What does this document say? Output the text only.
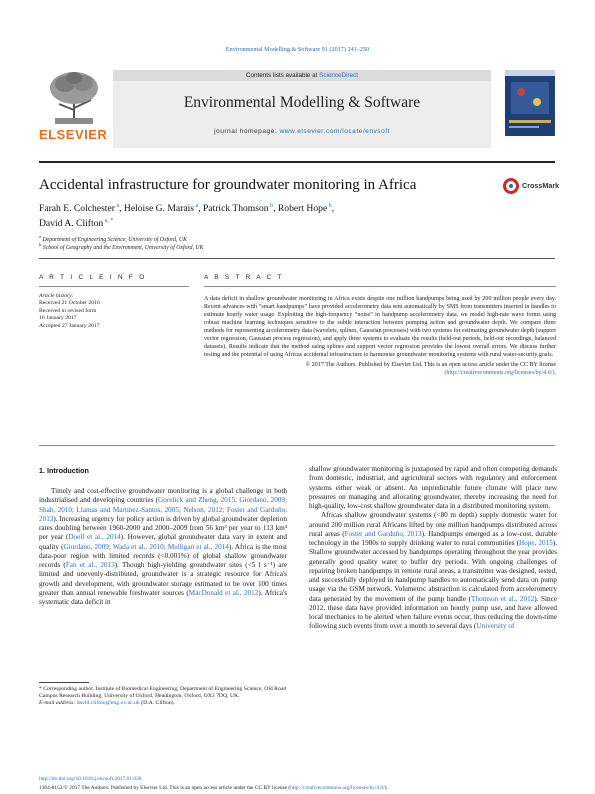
Environmental Modelling & Software 91 (2017) 241–250
ELSEVIER
Contents lists available at ScienceDirect
Environmental Modelling & Software
journal homepage: www.elsevier.com/locate/envsoft
Accidental infrastructure for groundwater monitoring in Africa	CrossMark
Farah E. Colchester $^a$, Heloise G. Marais $^a$, Patrick Thomson $^b$, Robert Hope $^b$,
David A. Clifton $^{a, *}$
$^a$ Department of Engineering Science, University of Oxford, UK
$^b$ School of Geography and the Environment, University of Oxford, UK
A R T I C L E I N F O
Article history:
Received 21 October 2016
Received in revised form
16 January 2017
Accepted 27 January 2017
A B S T R A C T
A data deficit in shallow groundwater monitoring in Africa exists despite one million handpumps being used by 200 million people every day. Recent advances with “smart handpumps” have provided accelerometry data sent automatically by SMS from transmitters inserted in handles to estimate hourly water usage. Exploiting the high-frequency “noise” in handpump accelerometry data, we model high-rate wave forms using robust machine learning techniques sensitive to the subtle interaction between pumping action and groundwater depth. We compare three methods for representing accelerometry data (wavelets, splines, Gaussian processes) with two systems for estimating groundwater depth (support vector regression, Gaussian process regression), and apply three systems to evaluate the results (held-out periods, held-out recordings, balanced datasets). Results indicate that the method using splines and support vector regression provides the lowest overall errors. We discuss further testing and the potential of using Africas accidental infrastructure to harmonise groundwater monitoring systems with rural water-security goals.
© 2017 The Authors. Published by Elsevier Ltd. This is an open access article under the CC BY license
(http://creativecommons.org/licenses/by/4.0/).
1. Introduction

Timely and cost-effective groundwater monitoring is a global challenge in both industrialised and developing countries (Gorelick and Zheng, 2015; Giordano, 2009; Shah, 2010; Llamas and Martínez-Santos, 2005; Nelson, 2012; Foster and Garduño, 2013). Increasing urgency for policy action is driven by global groundwater depletion rates doubling between 1960-2000 and 2000–2009 from 56 km³ per year to 113 km³ per year (Doell et al., 2014). However, global groundwater data vary in extent and quality (Giordano, 2009; Wada et al., 2010; Mulligan et al., 2014). Africa is the most data-poor region with limited records (<0.001%) of global shallow groundwater records (Fan et al., 2013). Though high-yielding groundwater sites (<5 l s⁻¹) are limited and unevenly-distributed, groundwater is a strategic resource for Africa's growth and development, with groundwater storage estimated to be over 100 times greater than annual renewable freshwater sources (MacDonald et al., 2012). Africa's systematic data deficit in

shallow groundwater monitoring is juxtaposed by rapid and often competing demands from domestic, industrial, and agricultural sectors with regulatory and enforcement systems either weak or absent. An unpredictable future climate will place new pressures on managing and allocating groundwater, thereby increasing the need for high-quality, low-cost shallow groundwater data in a distributed monitoring system.

Africas shallow groundwater systems (<80 m depth) supply domestic water for around 200 million rural Africans lifted by one million handpumps distributed across rural areas (Foster and Garduño, 2013). Handpumps emerged as a low-cost, durable technology in the 1980s to supply drinking water to rural communities (Hope, 2015). Shallow groundwater accessed by handpumps operating throughout the year provides generally good quality water to buffer dry periods. With ongoing challenges of repairing broken handpumps in remote rural areas, a transmitter was designed, tested, and successfully deployed in handpump handles to automatically send data on pump usage via the GSM network. Volumetric abstraction is calculated from accelerometry data generated by the movement of the pump handle (Thomson et al., 2012). Since 2012, these data have provided information on hourly pump use, and have allowed local mechanics to be alerted when failure events occur, thus reducing the down-time following such events from over a month to several days (University of

* Corresponding author. Institute of Biomedical Engineering, Department of Engineering Science, Old Road Campus Research Building, University of Oxford, Headington, Oxford, OX3 7DQ, UK.
E-mail address: david.clifton@eng.ox.ac.uk (D.A. Clifton).
http://dx.doi.org/10.1016/j.envsoft.2017.01.026
1364-8152/© 2017 The Authors. Published by Elsevier Ltd. This is an open access article under the CC BY license (http://creativecommons.org/licenses/by/4.0/).
